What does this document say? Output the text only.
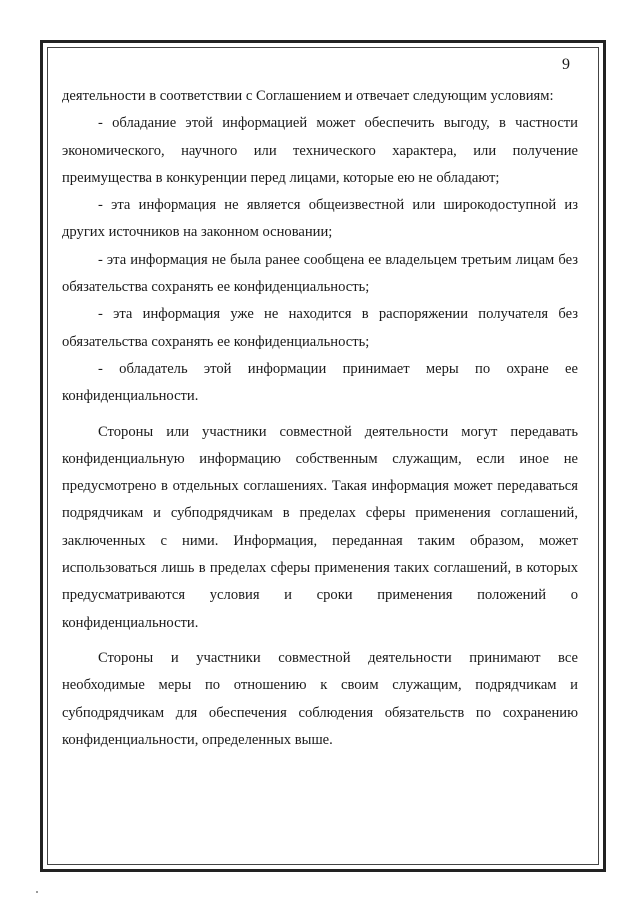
9

деятельности в соответствии с Соглашением и отвечает следующим условиям:

- обладание этой информацией может обеспечить выгоду, в частности экономического, научного или технического характера, или получение преимущества в конкуренции перед лицами, которые ею не обладают;

- эта информация не является общеизвестной или широкодоступной из других источников на законном основании;

- эта информация не была ранее сообщена ее владельцем третьим лицам без обязательства сохранять ее конфиденциальность;

- эта информация уже не находится в распоряжении получателя без обязательства сохранять ее конфиденциальность;

- обладатель этой информации принимает меры по охране ее конфиденциальности.

Стороны или участники совместной деятельности могут передавать конфиденциальную информацию собственным служащим, если иное не предусмотрено в отдельных соглашениях. Такая информация может передаваться подрядчикам и субподрядчикам в пределах сферы применения соглашений, заключенных с ними. Информация, переданная таким образом, может использоваться лишь в пределах сферы применения таких соглашений, в которых предусматриваются условия и сроки применения положений о конфиденциальности.

Стороны и участники совместной деятельности принимают все необходимые меры по отношению к своим служащим, подрядчикам и субподрядчикам для обеспечения соблюдения обязательств по сохранению конфиденциальности, определенных выше.
